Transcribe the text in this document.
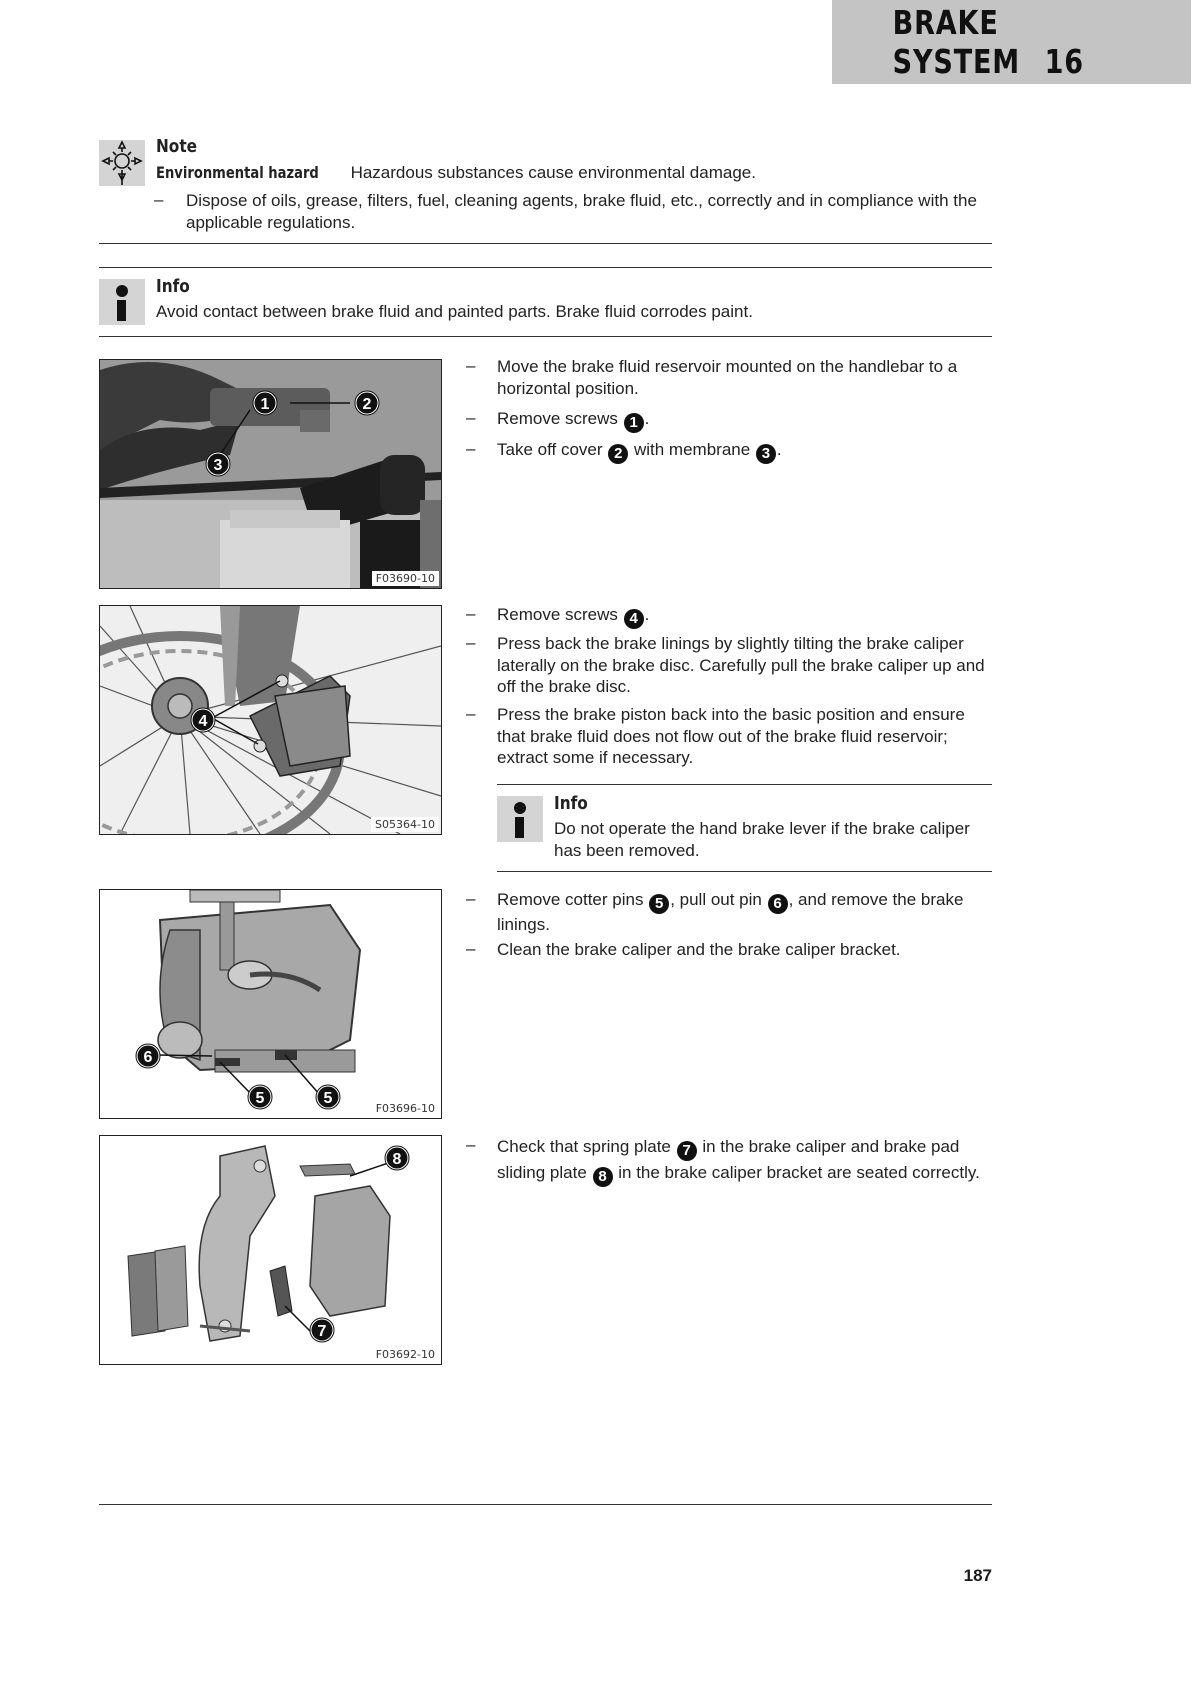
BRAKE SYSTEM 16
Note
Environmental hazard Hazardous substances cause environmental damage.
– Dispose of oils, grease, filters, fuel, cleaning agents, brake fluid, etc., correctly and in compliance with the applicable regulations.
Info
Avoid contact between brake fluid and painted parts. Brake fluid corrodes paint.
1	2
3
F03690-10
– Move the brake fluid reservoir mounted on the handlebar to a horizontal position.
– Remove screws 1 .
– Take off cover 2 with membrane 3 .
4
S05364-10
– Remove screws 4 .
– Press back the brake linings by slightly tilting the brake caliper laterally on the brake disc. Carefully pull the brake caliper up and off the brake disc.
– Press the brake piston back into the basic position and ensure that brake fluid does not flow out of the brake fluid reservoir; extract some if necessary.
Info
Do not operate the hand brake lever if the brake caliper has been removed.
6
5	5
F03696-10
– Remove cotter pins 5 , pull out pin 6 , and remove the brake linings.
– Clean the brake caliper and the brake caliper bracket.
8
7
F03692-10
– Check that spring plate 7 in the brake caliper and brake pad sliding plate 8 in the brake caliper bracket are seated correctly.
187
